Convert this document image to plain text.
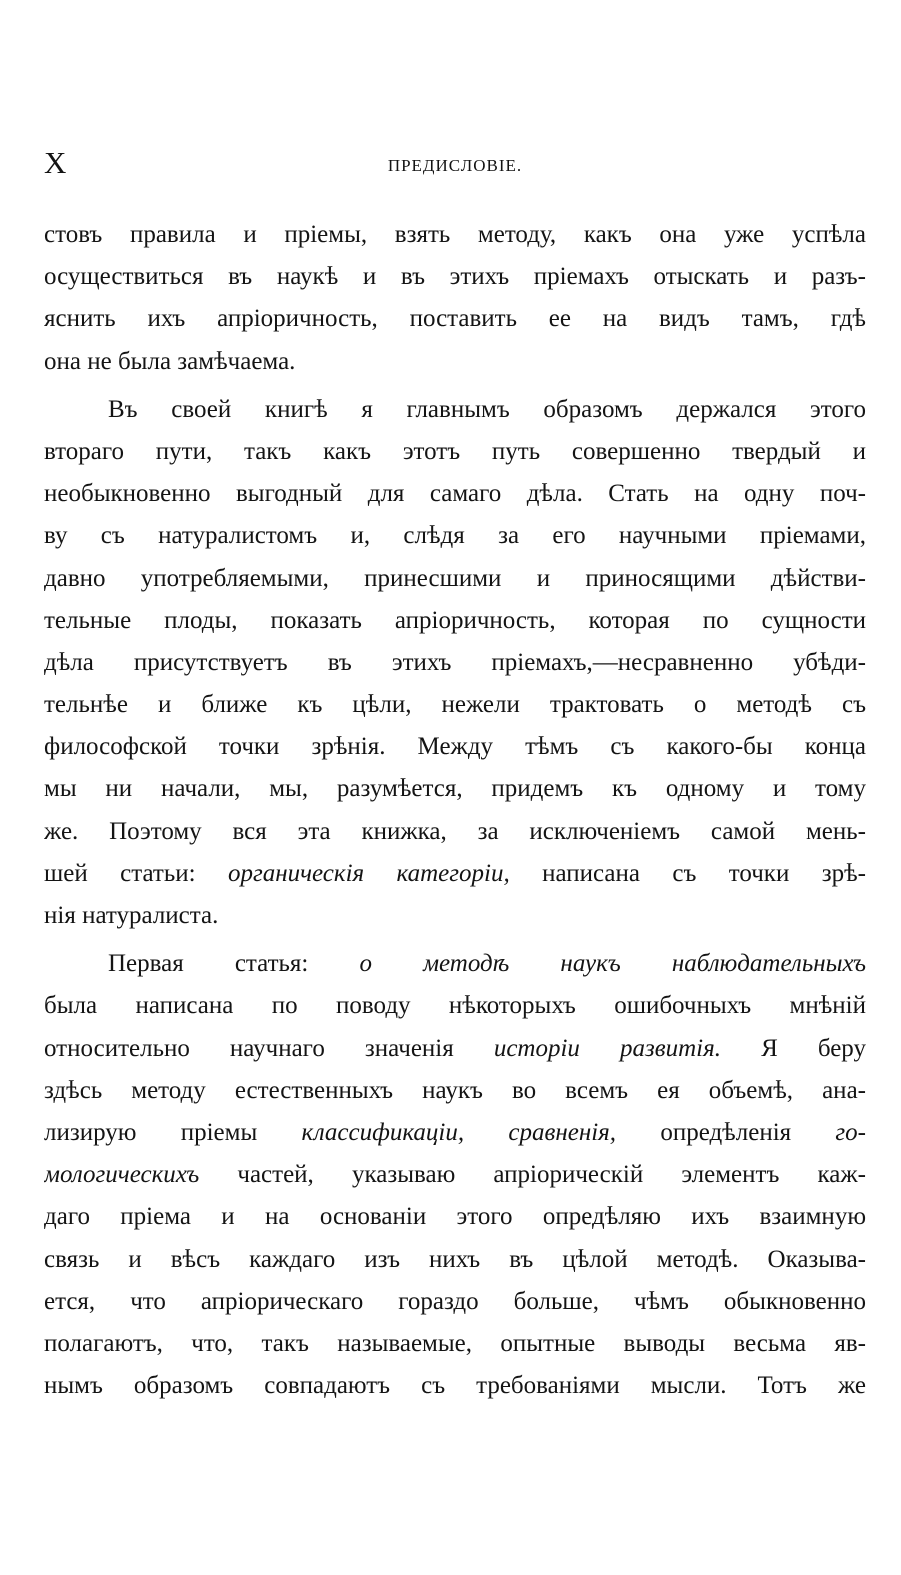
X	ПРЕДИСЛОВІЕ.
стовъ правила и пріемы, взять методу, какъ она уже успѣла
осуществиться въ наукѣ и въ этихъ пріемахъ отыскать и разъ-
яснить ихъ апріоричность, поставить ее на видъ тамъ, гдѣ
она не была замѣчаема.
Въ своей книгѣ я главнымъ образомъ держался этого
втораго пути, такъ какъ этотъ путь совершенно твердый и
необыкновенно выгодный для самаго дѣла. Стать на одну поч-
ву съ натуралистомъ и, слѣдя за его научными пріемами,
давно употребляемыми, принесшими и приносящими дѣйстви-
тельные плоды, показать апріоричность, которая по сущности
дѣла присутствуетъ въ этихъ пріемахъ,—несравненно убѣди-
тельнѣе и ближе къ цѣли, нежели трактовать о методѣ съ
философской точки зрѣнія. Между тѣмъ съ какого-бы конца
мы ни начали, мы, разумѣется, придемъ къ одному и тому
же. Поэтому вся эта книжка, за исключеніемъ самой мень-
шей статьи: органическія категоріи, написана съ точки зрѣ-
нія натуралиста.
Первая статья: о методѣ наукъ наблюдательныхъ
была написана по поводу нѣкоторыхъ ошибочныхъ мнѣній
относительно научнаго значенія исторіи развитія. Я беру
здѣсь методу естественныхъ наукъ во всемъ ея объемѣ, ана-
лизирую пріемы классификаціи, сравненія, опредѣленія го-
мологическихъ частей, указываю апріорическій элементъ каж-
даго пріема и на основаніи этого опредѣляю ихъ взаимную
связь и вѣсъ каждаго изъ нихъ въ цѣлой методѣ. Оказыва-
ется, что апріорическаго гораздо больше, чѣмъ обыкновенно
полагаютъ, что, такъ называемые, опытные выводы весьма яв-
нымъ образомъ совпадаютъ съ требованіями мысли. Тотъ же
